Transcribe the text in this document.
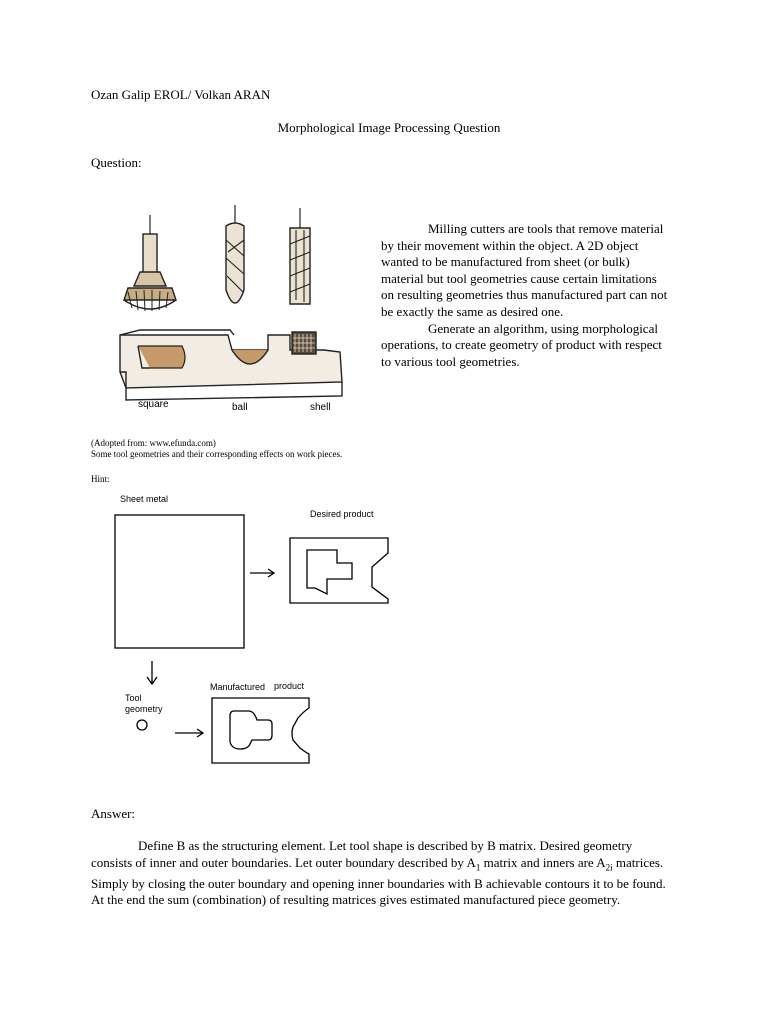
Ozan Galip EROL/ Volkan ARAN
Morphological Image Processing Question
Question:
square	ball	shell

Milling cutters are tools that remove material by their movement within the object. A 2D object wanted to be manufactured from sheet (or bulk) material but tool geometries cause certain limitations on resulting geometries thus manufactured part can not be exactly the same as desired one.

Generate an algorithm, using morphological operations, to create geometry of product with respect to various tool geometries.

(Adopted from: www.efunda.com)
Some tool geometries and their corresponding effects on work pieces.
Hint:
Sheet metal
Desired product
Tool
geometry
Manufactured product
Answer:

Define B as the structuring element. Let tool shape is described by B matrix. Desired geometry consists of inner and outer boundaries. Let outer boundary described by $A_1$ matrix and inners are $A_{2i}$ matrices. Simply by closing the outer boundary and opening inner boundaries with B achievable contours it to be found. At the end the sum (combination) of resulting matrices gives estimated manufactured piece geometry.
